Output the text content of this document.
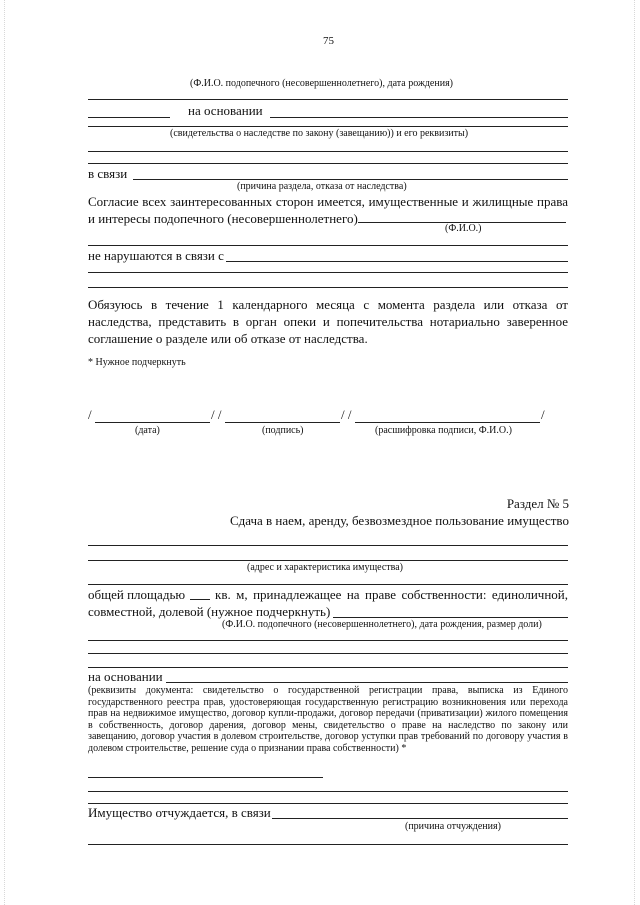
75
(Ф.И.О. подопечного (несовершеннолетнего), дата рождения)
на основании
(свидетельства о наследстве по закону (завещанию)) и его реквизиты)
в связи
(причина раздела, отказа от наследства)
Согласие всех заинтересованных сторон имеется, имущественные и жилищные права и интересы подопечного (несовершеннолетнего)
(Ф.И.О.)
не нарушаются в связи с
Обязуюсь в течение 1 календарного месяца с момента раздела или отказа от наследства, представить в орган опеки и попечительства нотариально заверенное соглашение о разделе или об отказе от наследства.
* Нужное подчеркнуть
/	/ /	/ /	/
(дата)	(подпись)	(расшифровка подписи, Ф.И.О.)
Раздел № 5
Сдача в наем, аренду, безвозмездное пользование имущество
(адрес и характеристика имущества)
общей площадью кв. м, принадлежащее на праве собственности: единоличной,
совместной, долевой (нужное подчеркнуть)
(Ф.И.О. подопечного (несовершеннолетнего), дата рождения, размер доли)
на основании
(реквизиты документа: свидетельство о государственной регистрации права, выписка из Единого государственного реестра прав, удостоверяющая государственную регистрацию возникновения или перехода прав на недвижимое имущество, договор купли-продажи, договор передачи (приватизации) жилого помещения в собственность, договор дарения, договор мены, свидетельство о праве на наследство по закону или завещанию, договор участия в долевом строительстве, договор уступки прав требований по договору участия в долевом строительстве, решение суда о признании права собственности) *
Имущество отчуждается, в связи
(причина отчуждения)
